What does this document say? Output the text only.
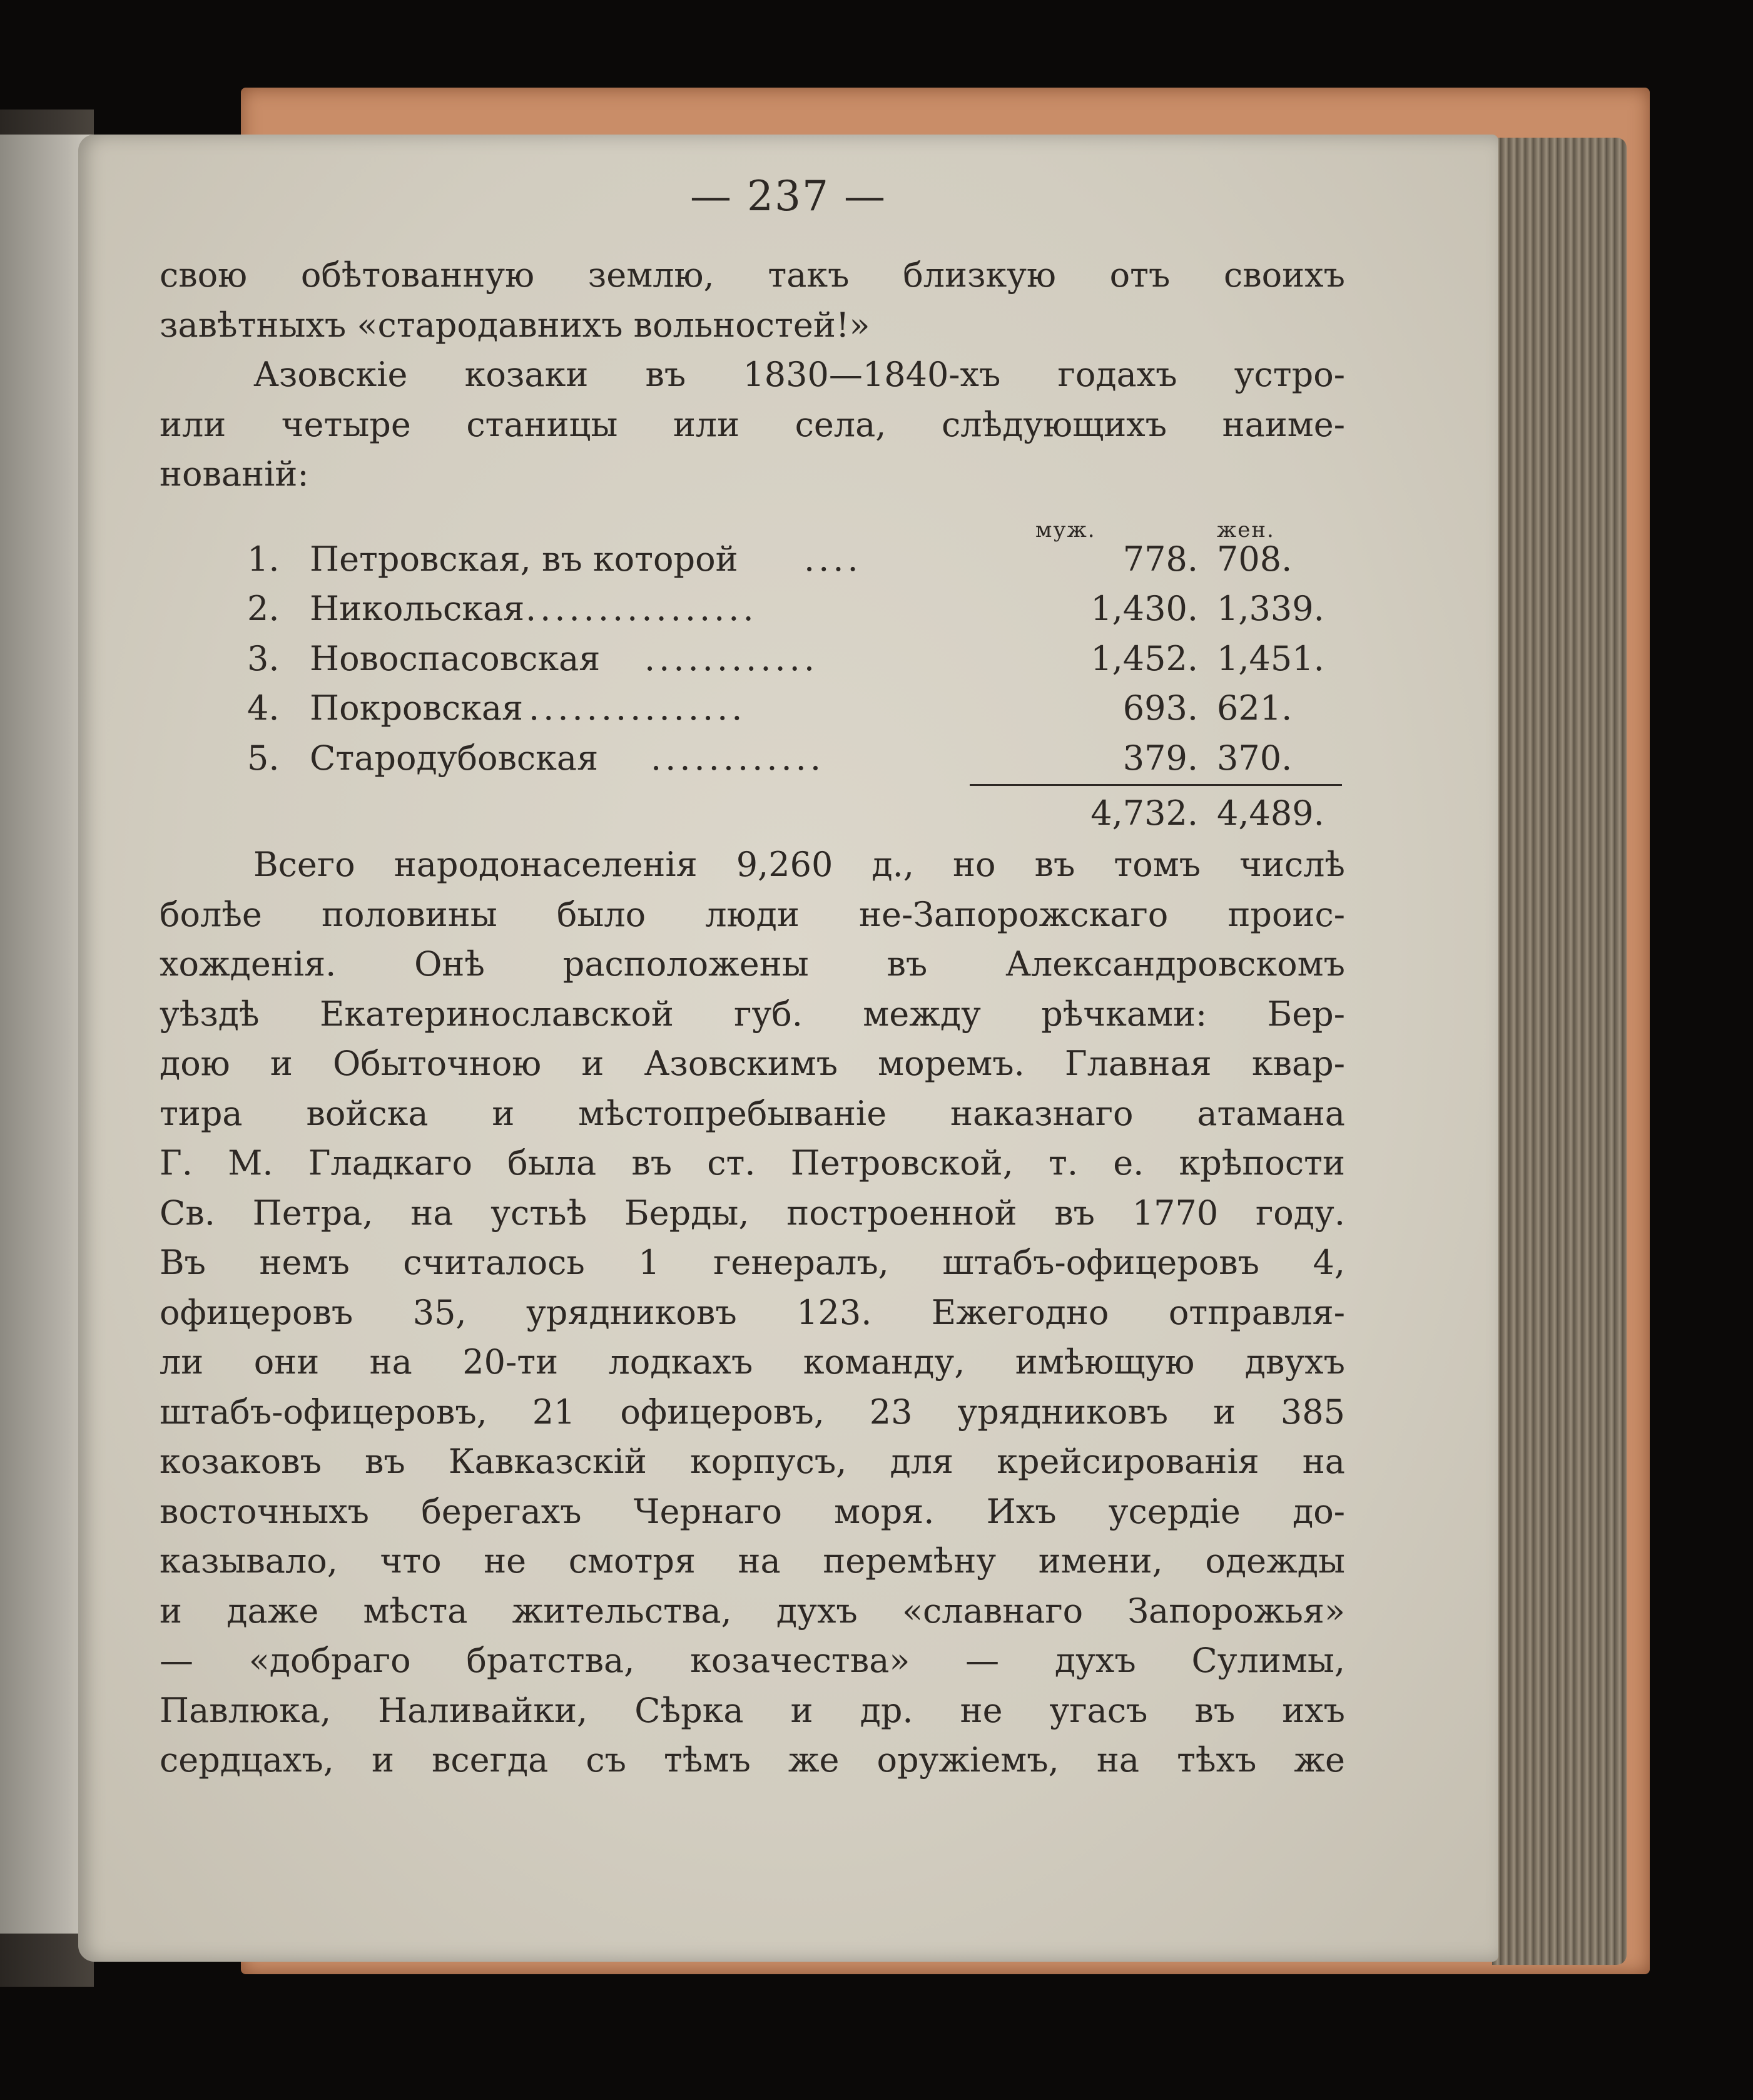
— 237 —
свою обѣтованную землю, такъ близкую отъ своихъ
завѣтныхъ «стародавнихъ вольностей!»
Азовскіе козаки въ 1830—1840-хъ годахъ устро-
или четыре станицы или села, слѣдующихъ наиме-
нованій:
муж.	жен.
1. Петровская, въ которой ....	778. 708.
2. Никольская ................	1,430. 1,339.
3. Новоспасовская ............	1,452. 1,451.
4. Покровская ...............	693. 621.
5. Стародубовская ............	379. 370.
4,732. 4,489.
Всего народонаселенія 9,260 д., но въ томъ числѣ
болѣе половины было люди не-Запорожскаго проис-
хожденія. Онѣ расположены въ Александровскомъ
уѣздѣ Екатеринославской губ. между рѣчками: Бер-
дою и Обыточною и Азовскимъ моремъ. Главная квар-
тира войска и мѣстопребываніе наказнаго атамана
Г. М. Гладкаго была въ ст. Петровской, т. е. крѣпости
Св. Петра, на устьѣ Берды, построенной въ 1770 году.
Въ немъ считалось 1 генералъ, штабъ-офицеровъ 4,
офицеровъ 35, урядниковъ 123. Ежегодно отправля-
ли они на 20-ти лодкахъ команду, имѣющую двухъ
штабъ-офицеровъ, 21 офицеровъ, 23 урядниковъ и 385
козаковъ въ Кавказскій корпусъ, для крейсированія на
восточныхъ берегахъ Чернаго моря. Ихъ усердіе до-
казывало, что не смотря на перемѣну имени, одежды
и даже мѣста жительства, духъ «славнаго Запорожья»
— «добраго братства, козачества» — духъ Сулимы,
Павлюка, Наливайки, Сѣрка и др. не угасъ въ ихъ
сердцахъ, и всегда съ тѣмъ же оружіемъ, на тѣхъ же
